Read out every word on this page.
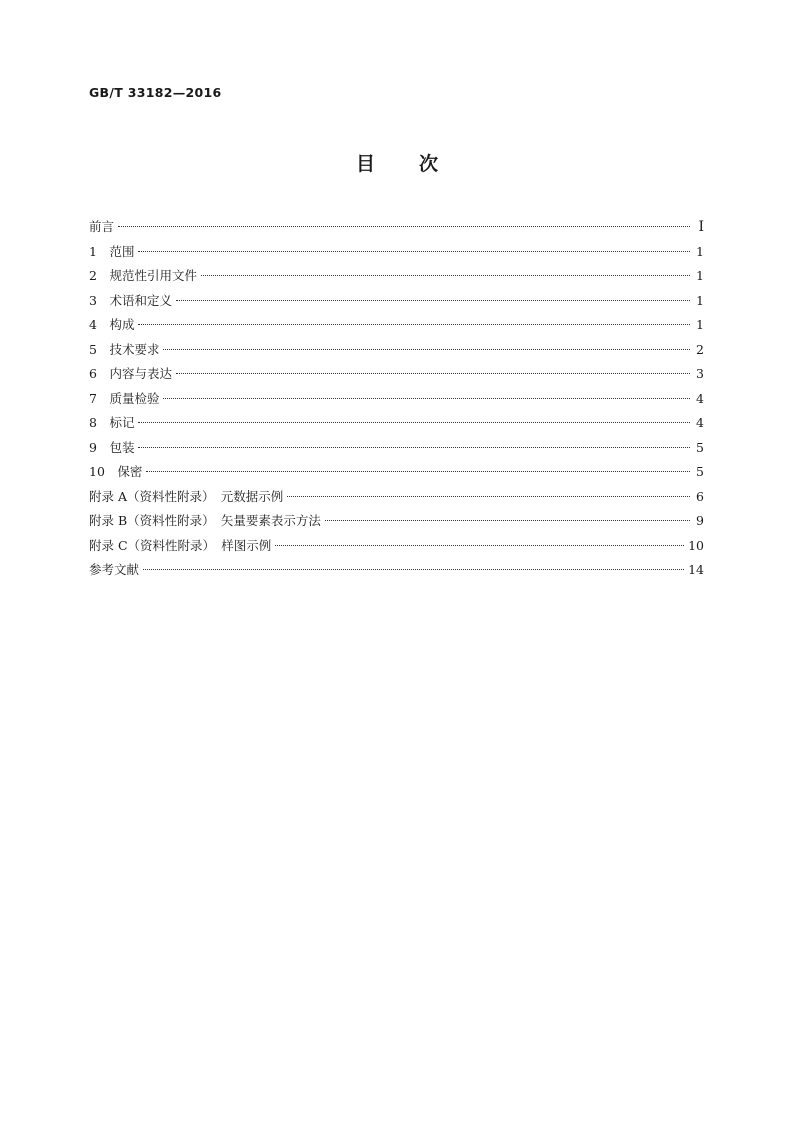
GB/T 33182—2016
目 次
前言	Ⅰ
1　范围	1
2　规范性引用文件	1
3　术语和定义	1
4　构成	1
5　技术要求	2
6　内容与表达	3
7　质量检验	4
8　标记	4
9　包装	5
10　保密	5
附录 A（资料性附录）　元数据示例	6
附录 B（资料性附录）　矢量要素表示方法	9
附录 C（资料性附录）　样图示例	10
参考文献	14
